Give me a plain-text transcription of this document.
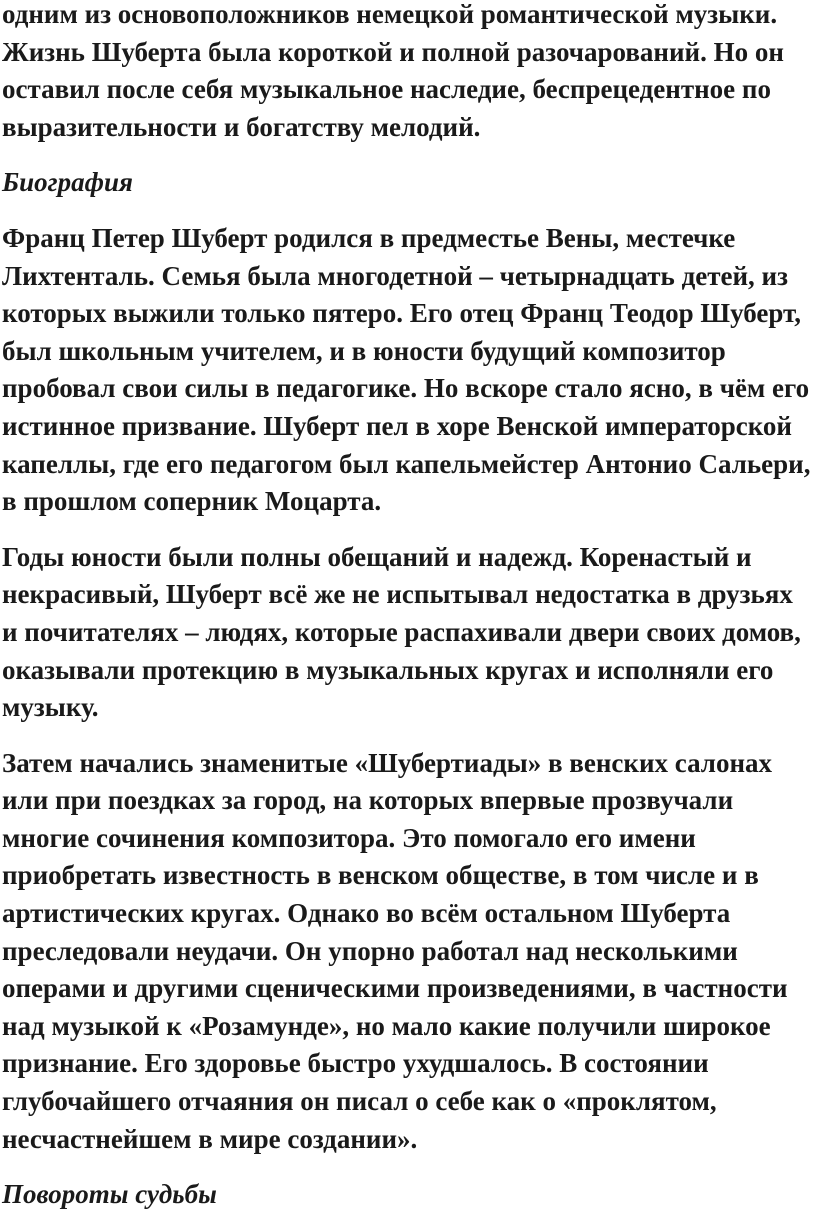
одним из основоположников немецкой романтической музыки. Жизнь Шуберта была короткой и полной разочарований. Но он оставил после себя музыкальное наследие, беспрецедентное по выразительности и богатству мелодий.

Биография

Франц Петер Шуберт родился в предместье Вены, местечке Лихтенталь. Семья была многодетной – четырнадцать детей, из которых выжили только пятеро. Его отец Франц Теодор Шуберт, был школьным учителем, и в юности будущий композитор пробовал свои силы в педагогике. Но вскоре стало ясно, в чём его истинное призвание. Шуберт пел в хоре Венской императорской капеллы, где его педагогом был капельмейстер Антонио Сальери, в прошлом соперник Моцарта.

Годы юности были полны обещаний и надежд. Коренастый и некрасивый, Шуберт всё же не испытывал недостатка в друзьях и почитателях – людях, которые распахивали двери своих домов, оказывали протекцию в музыкальных кругах и исполняли его музыку.

Затем начались знаменитые «Шубертиады» в венских салонах или при поездках за город, на которых впервые прозвучали многие сочинения композитора. Это помогало его имени приобретать известность в венском обществе, в том числе и в артистических кругах. Однако во всём остальном Шуберта преследовали неудачи. Он упорно работал над несколькими операми и другими сценическими произведениями, в частности над музыкой к «Розамунде», но мало какие получили широкое признание. Его здоровье быстро ухудшалось. В состоянии глубочайшего отчаяния он писал о себе как о «проклятом, несчастнейшем в мире создании».

Повороты судьбы
